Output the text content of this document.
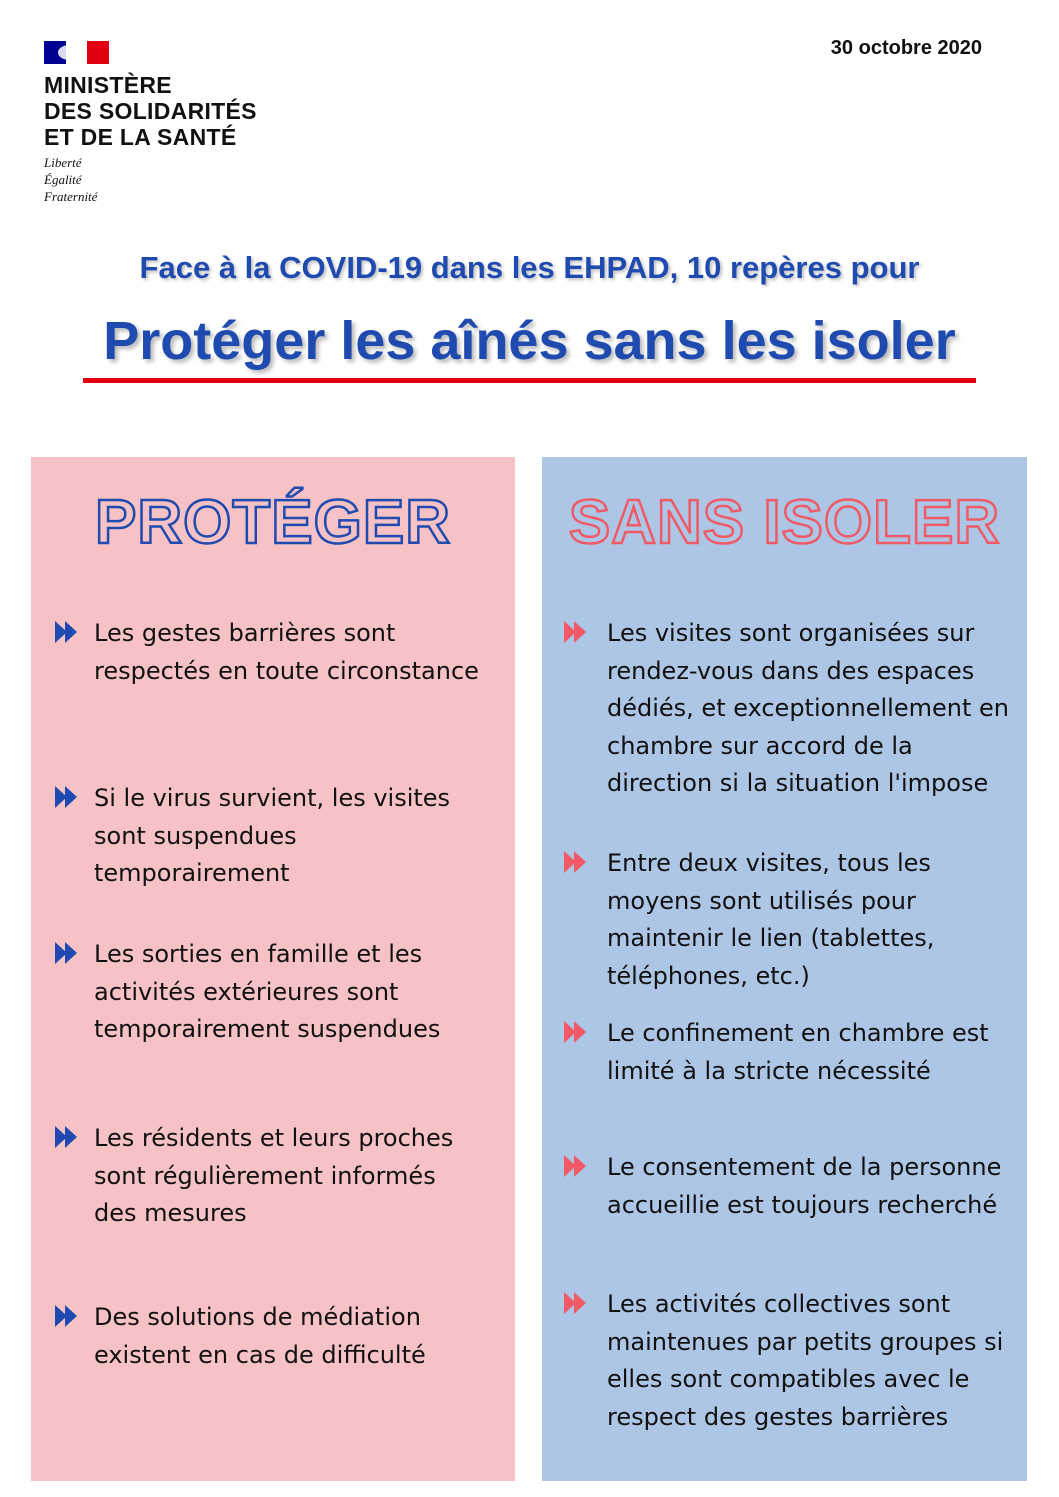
MINISTÈRE
DES SOLIDARITÉS
ET DE LA SANTÉ
Liberté
Égalité
Fraternité
30 octobre 2020
Face à la COVID-19 dans les EHPAD, 10 repères pour
Protéger les aînés sans les isoler
PROTÉGER

Les gestes barrières sont respectés en toute circonstance

Si le virus survient, les visites sont suspendues temporairement

Les sorties en famille et les activités extérieures sont temporairement suspendues

Les résidents et leurs proches sont régulièrement informés des mesures

Des solutions de médiation existent en cas de difficulté

SANS ISOLER

Les visites sont organisées sur rendez-vous dans des espaces dédiés, et exceptionnellement en chambre sur accord de la direction si la situation l'impose

Entre deux visites, tous les moyens sont utilisés pour maintenir le lien (tablettes, téléphones, etc.)

Le confinement en chambre est limité à la stricte nécessité

Le consentement de la personne accueillie est toujours recherché

Les activités collectives sont maintenues par petits groupes si elles sont compatibles avec le respect des gestes barrières
